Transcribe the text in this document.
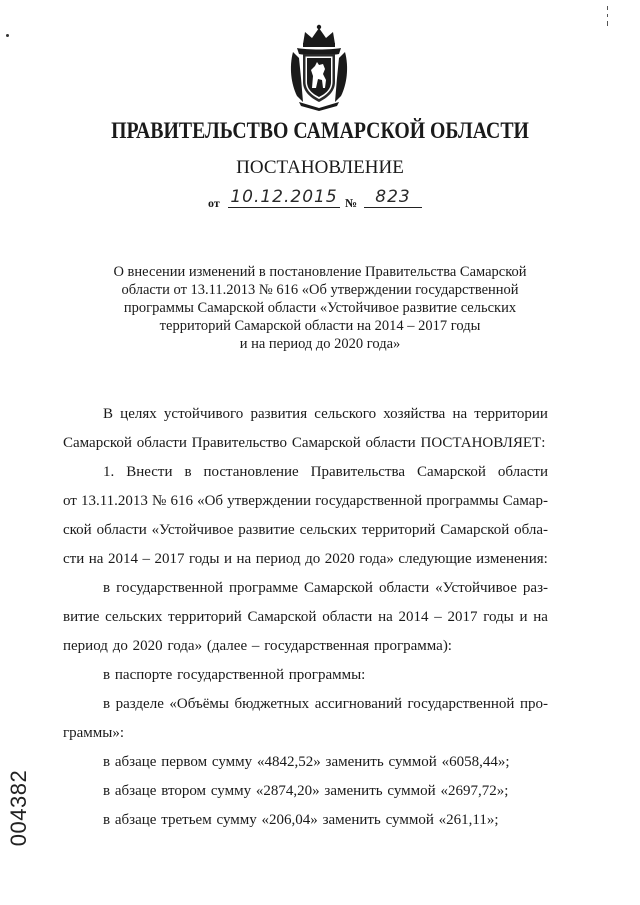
ПРАВИТЕЛЬСТВО САМАРСКОЙ ОБЛАСТИ
ПОСТАНОВЛЕНИЕ
от 10.12.2015 №	823
О внесении изменений в постановление Правительства Самарской
области от 13.11.2013 № 616 «Об утверждении государственной
программы Самарской области «Устойчивое развитие сельских
территорий Самарской области на 2014 – 2017 годы
и на период до 2020 года»
В целях устойчивого развития сельского хозяйства на территории
Самарской области Правительство Самарской области ПОСТАНОВЛЯЕТ:
1. Внести в постановление Правительства Самарской области
от 13.11.2013 № 616 «Об утверждении государственной программы Самар-
ской области «Устойчивое развитие сельских территорий Самарской обла-
сти на 2014 – 2017 годы и на период до 2020 года» следующие изменения:
в государственной программе Самарской области «Устойчивое раз-
витие сельских территорий Самарской области на 2014 – 2017 годы и на
период до 2020 года» (далее – государственная программа):
в паспорте государственной программы:
в разделе «Объёмы бюджетных ассигнований государственной про-
граммы»:
в абзаце первом сумму «4842,52» заменить суммой «6058,44»;
в абзаце втором сумму «2874,20» заменить суммой «2697,72»;
в абзаце третьем сумму «206,04» заменить суммой «261,11»;
004382
